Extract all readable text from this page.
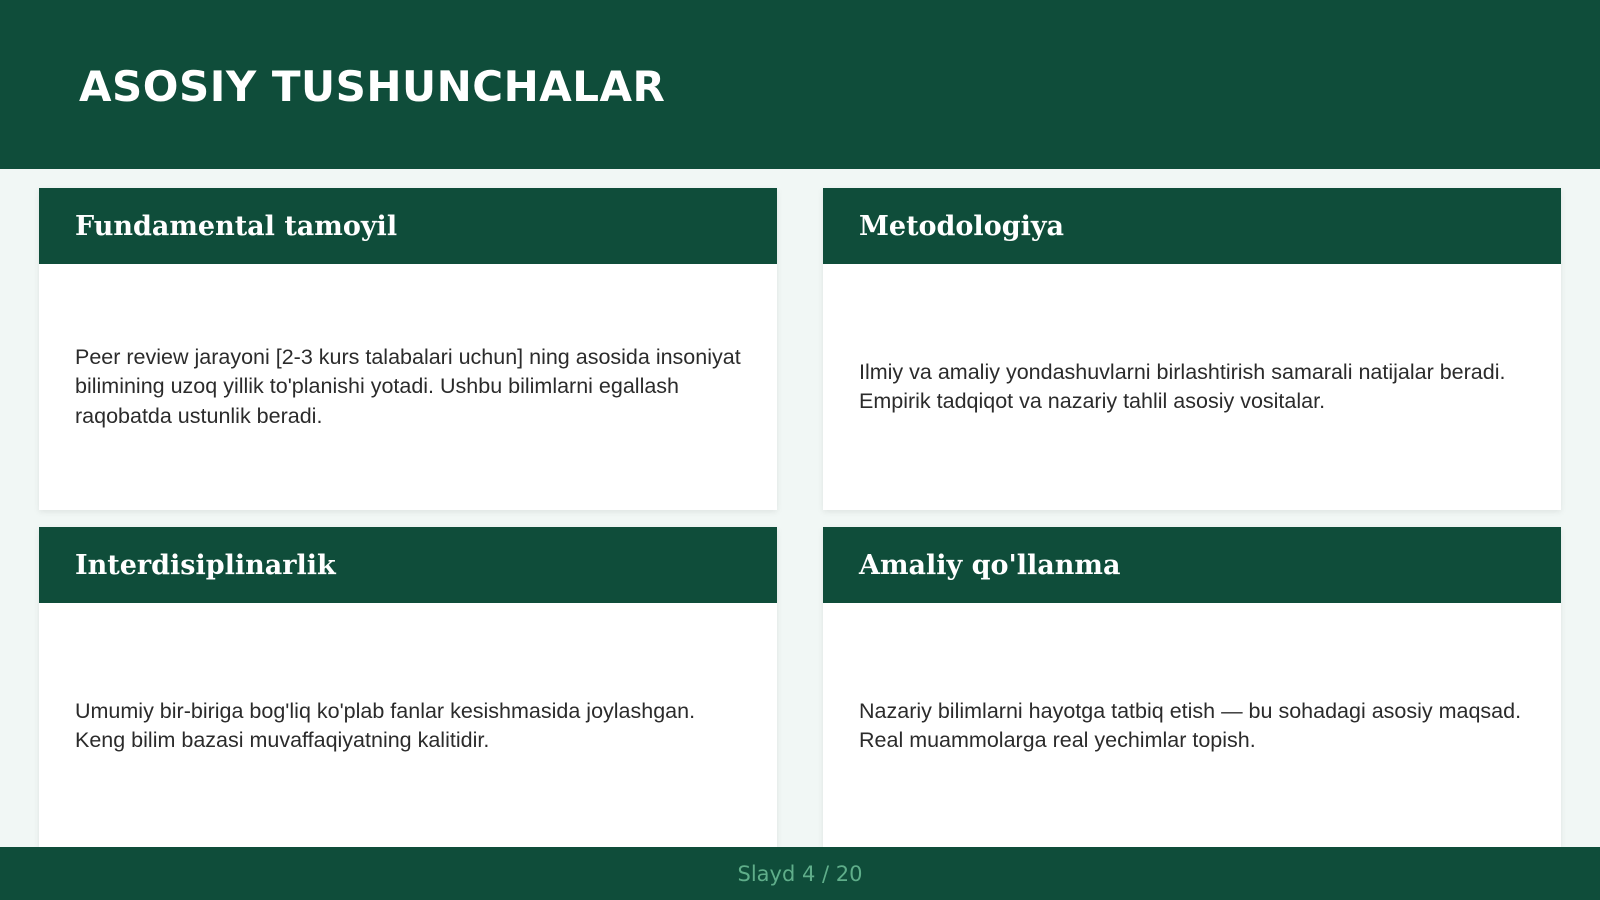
ASOSIY TUSHUNCHALAR
Fundamental tamoyil

Peer review jarayoni [2-3 kurs talabalari uchun] ning asosida insoniyat bilimining uzoq yillik to'planishi yotadi. Ushbu bilimlarni egallash raqobatda ustunlik beradi.

Metodologiya

Ilmiy va amaliy yondashuvlarni birlashtirish samarali natijalar beradi. Empirik tadqiqot va nazariy tahlil asosiy vositalar.

Interdisiplinarlik

Umumiy bir-biriga bog'liq ko'plab fanlar kesishmasida joylashgan. Keng bilim bazasi muvaffaqiyatning kalitidir.

Amaliy qo'llanma

Nazariy bilimlarni hayotga tatbiq etish — bu sohadagi asosiy maqsad. Real muammolarga real yechimlar topish.

Slayd 4 / 20
